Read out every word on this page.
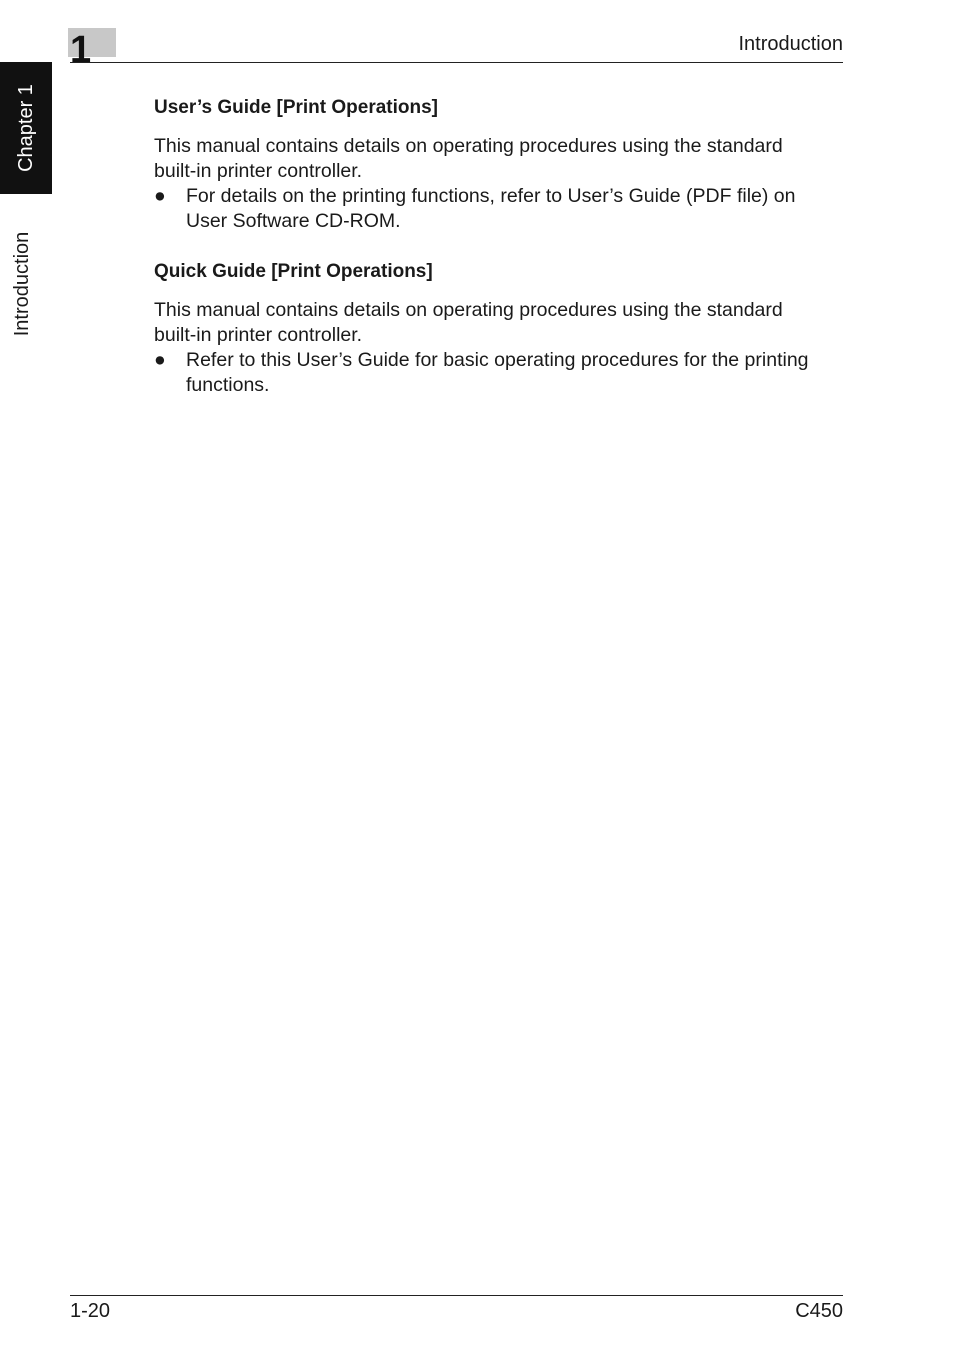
1	Introduction
Chapter 1
Introduction
User’s Guide [Print Operations]

This manual contains details on operating procedures using the standard
built-in printer controller.

● For details on the printing functions, refer to User’s Guide (PDF file) on
User Software CD-ROM.

Quick Guide [Print Operations]

This manual contains details on operating procedures using the standard
built-in printer controller.

● Refer to this User’s Guide for basic operating procedures for the printing
functions.

1-20	C450
